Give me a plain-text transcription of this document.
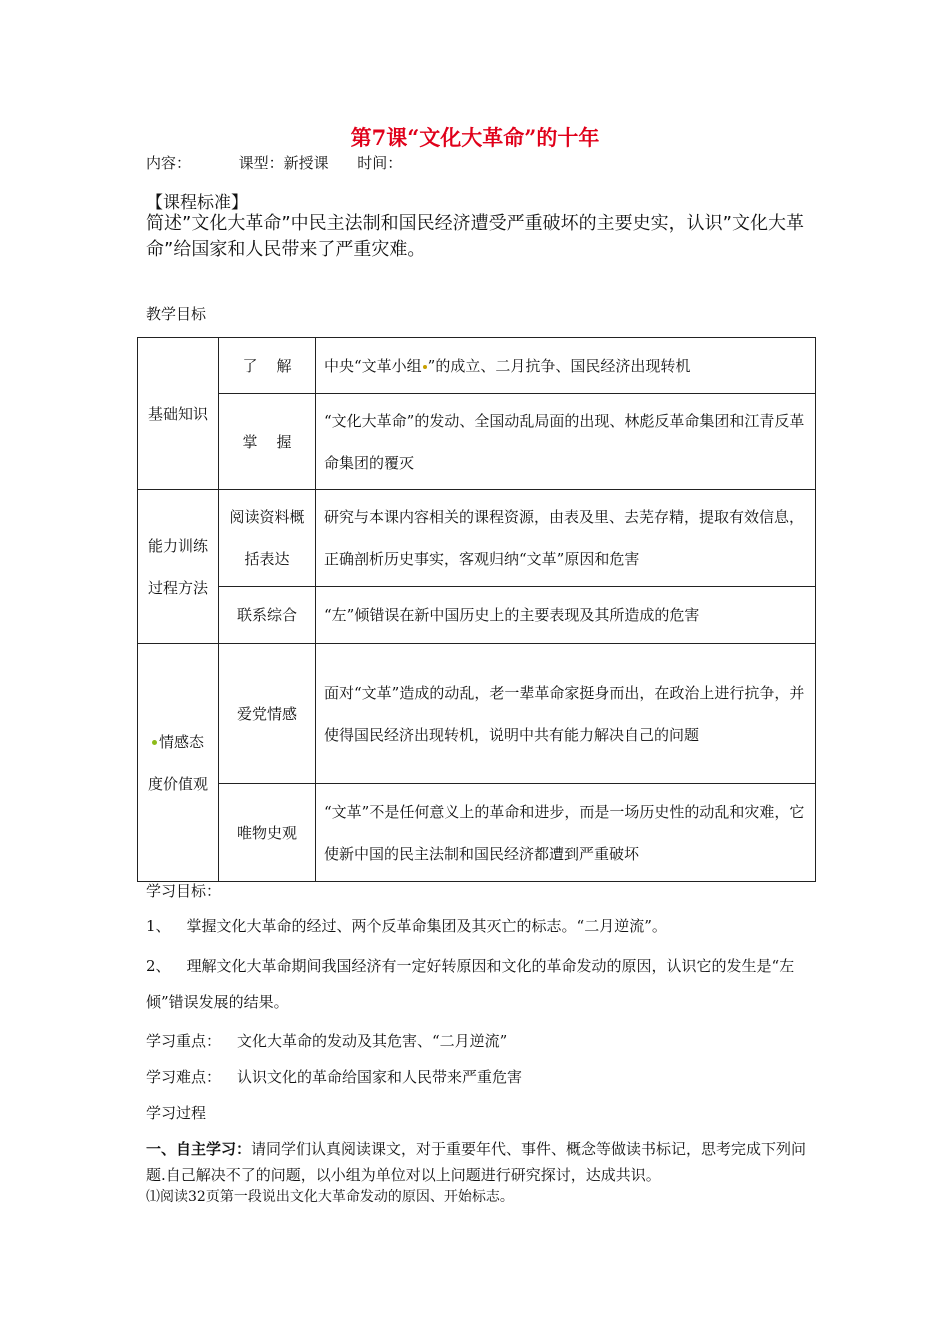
第7课“文化大革命”的十年
内容：          课型：新授课      时间：
【课程标准】
简述”文化大革命”中民主法制和国民经济遭受严重破坏的主要史实，认识”文化大革命”给国家和人民带来了严重灾难。
教学目标
基础知识	了    解	中央“文革小组 ”的成立、二月抗争、国民经济出现转机
	掌    握	“文化大革命”的发动、全国动乱局面的出现、林彪反革命集团和江青反革命集团的覆灭
能力训练过程方法	阅读资料概括表达	研究与本课内容相关的课程资源，由表及里、去芜存精，提取有效信息，正确剖析历史事实，客观归纳“文革”原因和危害
	联系综合	“左”倾错误在新中国历史上的主要表现及其所造成的危害
情感态度价值观	爱党情感	面对“文革”造成的动乱，老一辈革命家挺身而出，在政治上进行抗争，并使得国民经济出现转机，说明中共有能力解决自己的问题
	唯物史观	“文革”不是任何意义上的革命和进步，而是一场历史性的动乱和灾难，它使新中国的民主法制和国民经济都遭到严重破坏
学习目标：
1、 掌握文化大革命的经过、两个反革命集团及其灭亡的标志。“二月逆流”。
2、 理解文化大革命期间我国经济有一定好转原因和文化的革命发动的原因，认识它的发生是“左倾”错误发展的结果。
学习重点： 文化大革命的发动及其危害、“二月逆流”
学习难点： 认识文化的革命给国家和人民带来严重危害
学习过程
一、自主学习：请同学们认真阅读课文，对于重要年代、事件、概念等做读书标记，思考完成下列问题.自己解决不了的问题，以小组为单位对以上问题进行研究探讨，达成共识。
⑴阅读32页第一段说出文化大革命发动的原因、开始标志。
